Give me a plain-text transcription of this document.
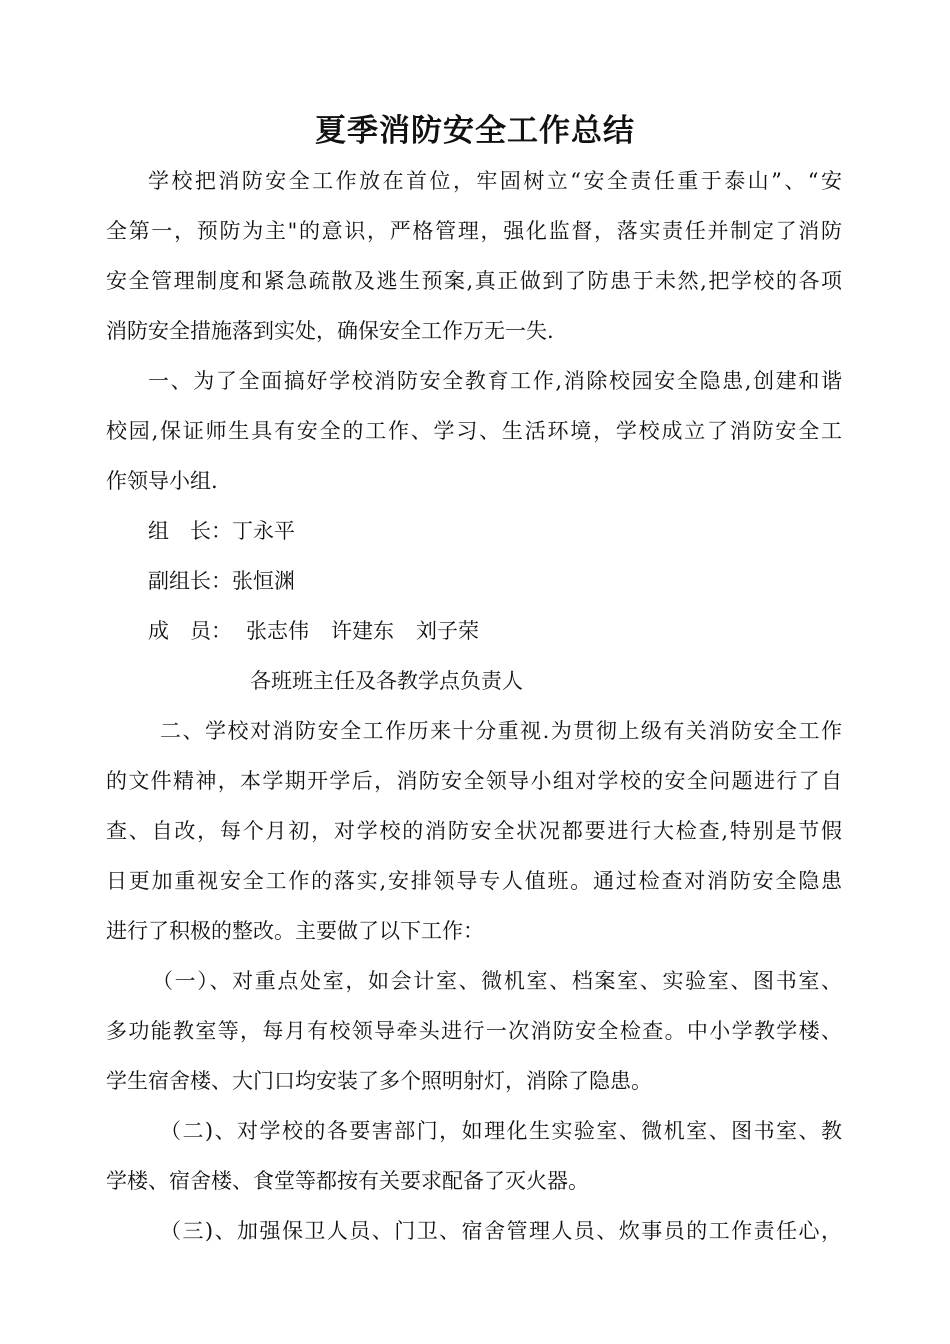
夏季消防安全工作总结
学校把消防安全工作放在首位，牢固树立“安全责任重于泰山”、“安
全第一，预防为主"的意识，严格管理，强化监督，落实责任并制定了消防
安全管理制度和紧急疏散及逃生预案,真正做到了防患于未然,把学校的各项
消防安全措施落到实处，确保安全工作万无一失.
一、为了全面搞好学校消防安全教育工作,消除校园安全隐患,创建和谐
校园,保证师生具有安全的工作、学习、生活环境，学校成立了消防安全工
作领导小组.
组　长：丁永平
副组长：张恒渊
成　员： 张志伟 许建东 刘子荣
各班班主任及各教学点负责人
二、学校对消防安全工作历来十分重视.为贯彻上级有关消防安全工作
的文件精神，本学期开学后，消防安全领导小组对学校的安全问题进行了自
查、自改，每个月初，对学校的消防安全状况都要进行大检查,特别是节假
日更加重视安全工作的落实,安排领导专人值班。通过检查对消防安全隐患
进行了积极的整改。主要做了以下工作：
（一）、对重点处室，如会计室、微机室、档案室、实验室、图书室、
多功能教室等，每月有校领导牵头进行一次消防安全检查。中小学教学楼、
学生宿舍楼、大门口均安装了多个照明射灯，消除了隐患。
（二)、对学校的各要害部门，如理化生实验室、微机室、图书室、教
学楼、宿舍楼、食堂等都按有关要求配备了灭火器。
（三)、加强保卫人员、门卫、宿舍管理人员、炊事员的工作责任心，
